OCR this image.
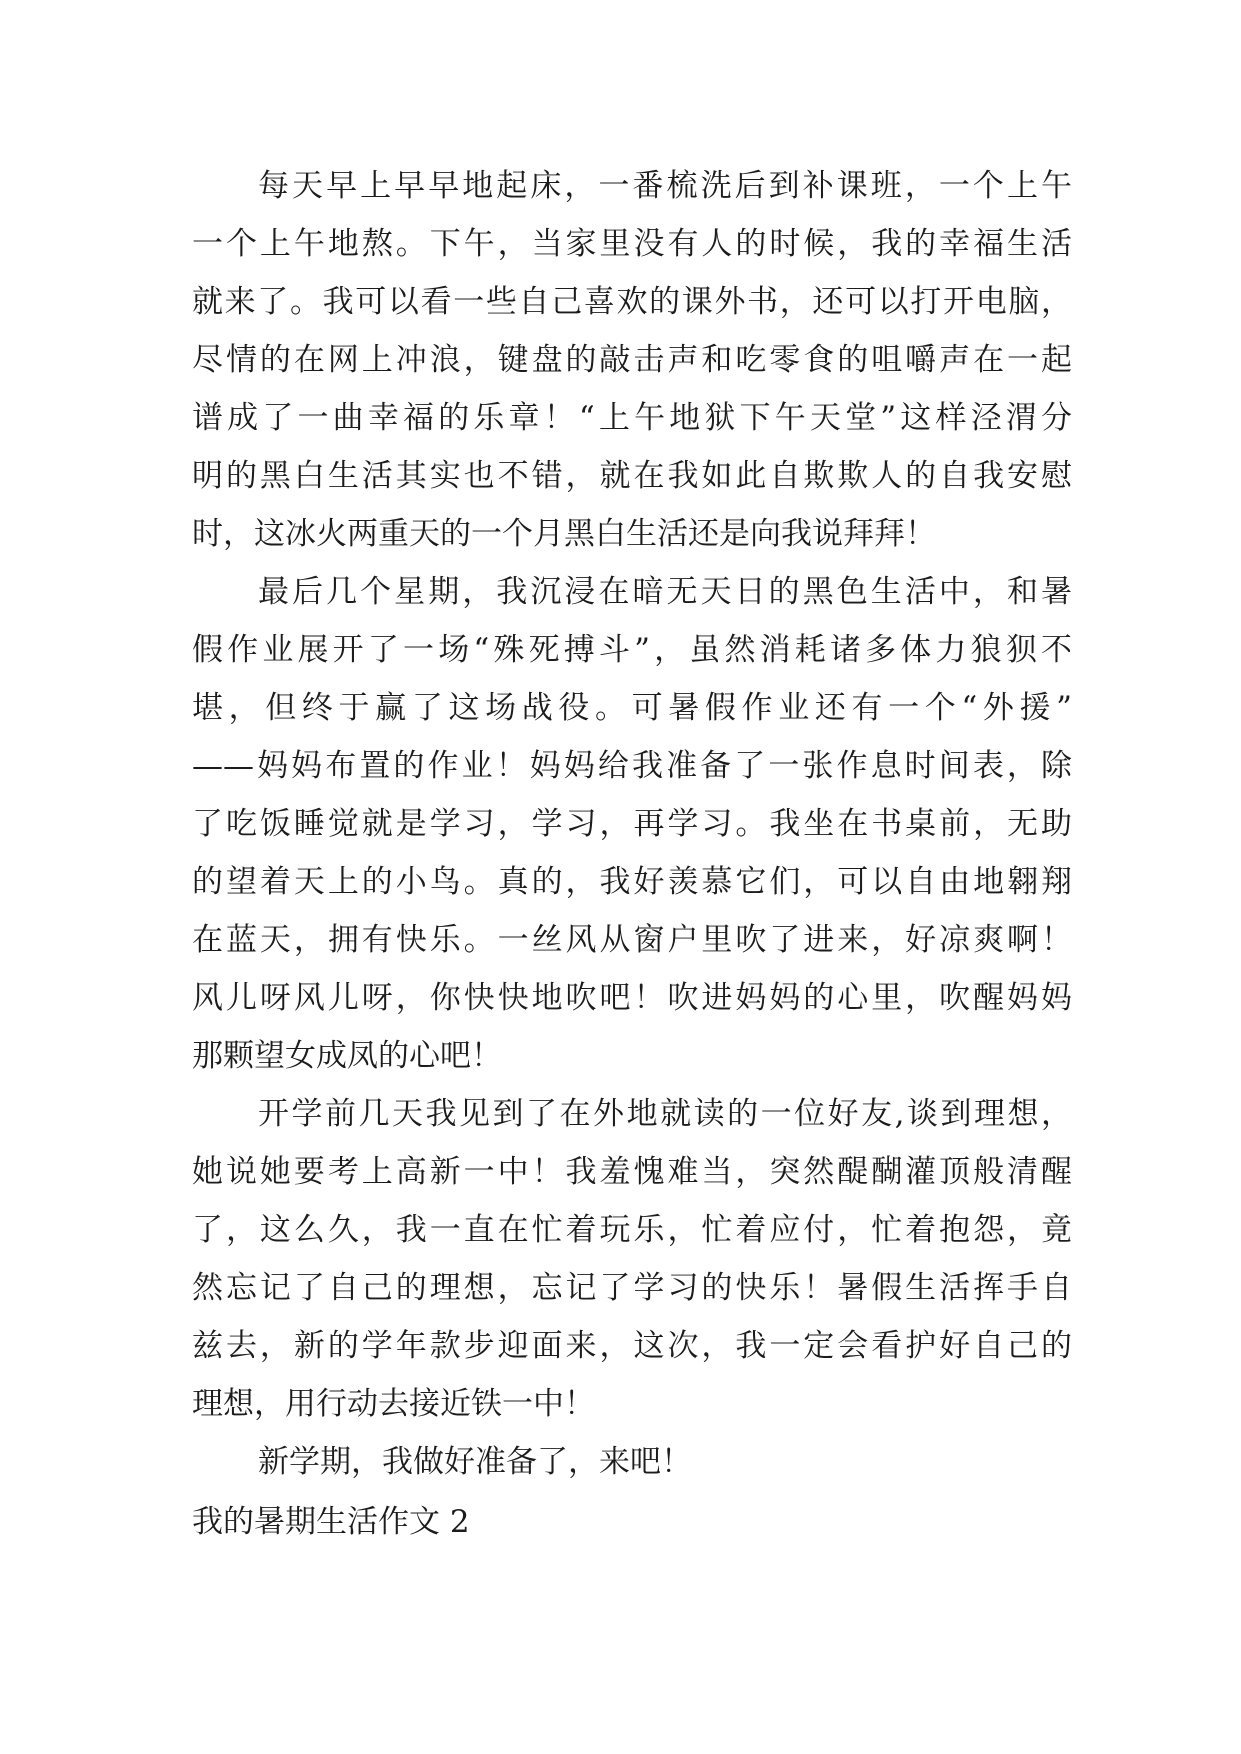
每天早上早早地起床，一番梳洗后到补课班，一个上午
一个上午地熬。下午，当家里没有人的时候，我的幸福生活
就来了。我可以看一些自己喜欢的课外书，还可以打开电脑，
尽情的在网上冲浪，键盘的敲击声和吃零食的咀嚼声在一起
谱成了一曲幸福的乐章！“上午地狱下午天堂”这样泾渭分
明的黑白生活其实也不错，就在我如此自欺欺人的自我安慰
时，这冰火两重天的一个月黑白生活还是向我说拜拜！
最后几个星期，我沉浸在暗无天日的黑色生活中，和暑
假作业展开了一场“殊死搏斗”，虽然消耗诸多体力狼狈不
堪，但终于赢了这场战役。可暑假作业还有一个“外援”
——妈妈布置的作业！妈妈给我准备了一张作息时间表，除
了吃饭睡觉就是学习，学习，再学习。我坐在书桌前，无助
的望着天上的小鸟。真的，我好羡慕它们，可以自由地翱翔
在蓝天，拥有快乐。一丝风从窗户里吹了进来，好凉爽啊！
风儿呀风儿呀，你快快地吹吧！吹进妈妈的心里，吹醒妈妈
那颗望女成凤的心吧！
开学前几天我见到了在外地就读的一位好友,谈到理想，
她说她要考上高新一中！我羞愧难当，突然醍醐灌顶般清醒
了，这么久，我一直在忙着玩乐，忙着应付，忙着抱怨，竟
然忘记了自己的理想，忘记了学习的快乐！暑假生活挥手自
兹去，新的学年款步迎面来，这次，我一定会看护好自己的
理想，用行动去接近铁一中！
新学期，我做好准备了，来吧！
我的暑期生活作文 2
